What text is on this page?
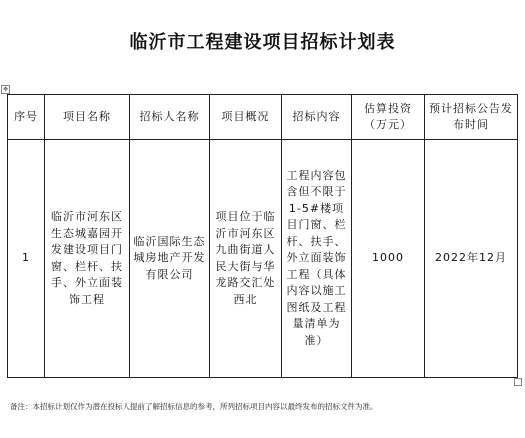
临沂市工程建设项目招标计划表
✥
序号	项目名称	招标人名称	项目概况	招标内容	估算投资（万元）	预计招标公告发布时间
1	临沂市河东区生态城嘉园开发建设项目门窗、栏杆、扶手、外立面装饰工程	临沂国际生态城房地产开发有限公司	项目位于临沂市河东区九曲街道人民大街与华龙路交汇处西北	工程内容包含但不限于1-5#楼项目门窗、栏杆、扶手、外立面装饰工程（具体内容以施工图纸及工程量清单为准）	1000	2022年12月
备注：本招标计划仅作为潜在投标人提前了解招标信息的参考，所列招标项目内容以最终发布的招标文件为准。
